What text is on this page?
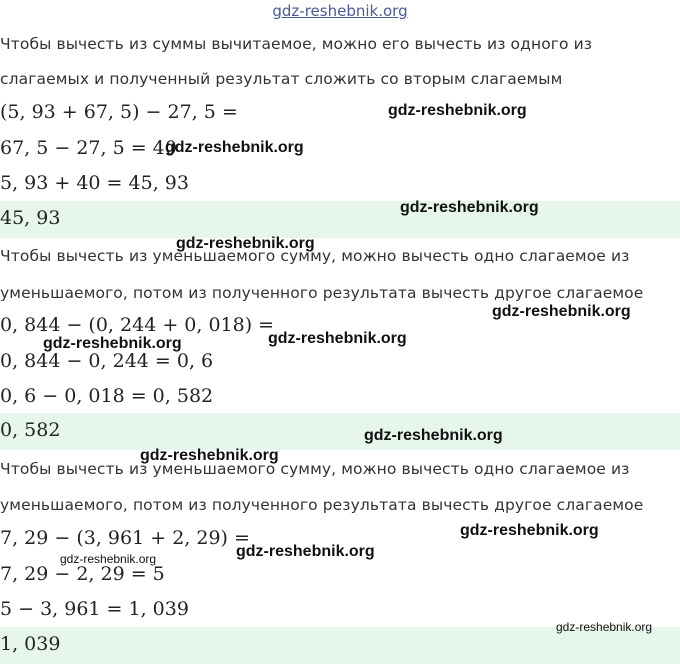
gdz-reshebnik.org
Чтобы вычесть из суммы вычитаемое, можно его вычесть из одного из
слагаемых и полученный результат сложить со вторым слагаемым
(5, 93 + 67, 5) − 27, 5 =
67, 5 − 27, 5 = 40
5, 93 + 40 = 45, 93
45, 93
Чтобы вычесть из уменьшаемого сумму, можно вычесть одно слагаемое из
уменьшаемого, потом из полученного результата вычесть другое слагаемое
0, 844 − (0, 244 + 0, 018) =
0, 844 − 0, 244 = 0, 6
0, 6 − 0, 018 = 0, 582
0, 582
Чтобы вычесть из уменьшаемого сумму, можно вычесть одно слагаемое из
уменьшаемого, потом из полученного результата вычесть другое слагаемое
7, 29 − (3, 961 + 2, 29) =
7, 29 − 2, 29 = 5
5 − 3, 961 = 1, 039
1, 039
gdz-reshebnik.org
gdz-reshebnik.org
gdz-reshebnik.org
gdz-reshebnik.org
gdz-reshebnik.org
gdz-reshebnik.org	gdz-reshebnik.org
gdz-reshebnik.org
gdz-reshebnik.org
gdz-reshebnik.org
gdz-reshebnik.org	gdz-reshebnik.org
gdz-reshebnik.org
